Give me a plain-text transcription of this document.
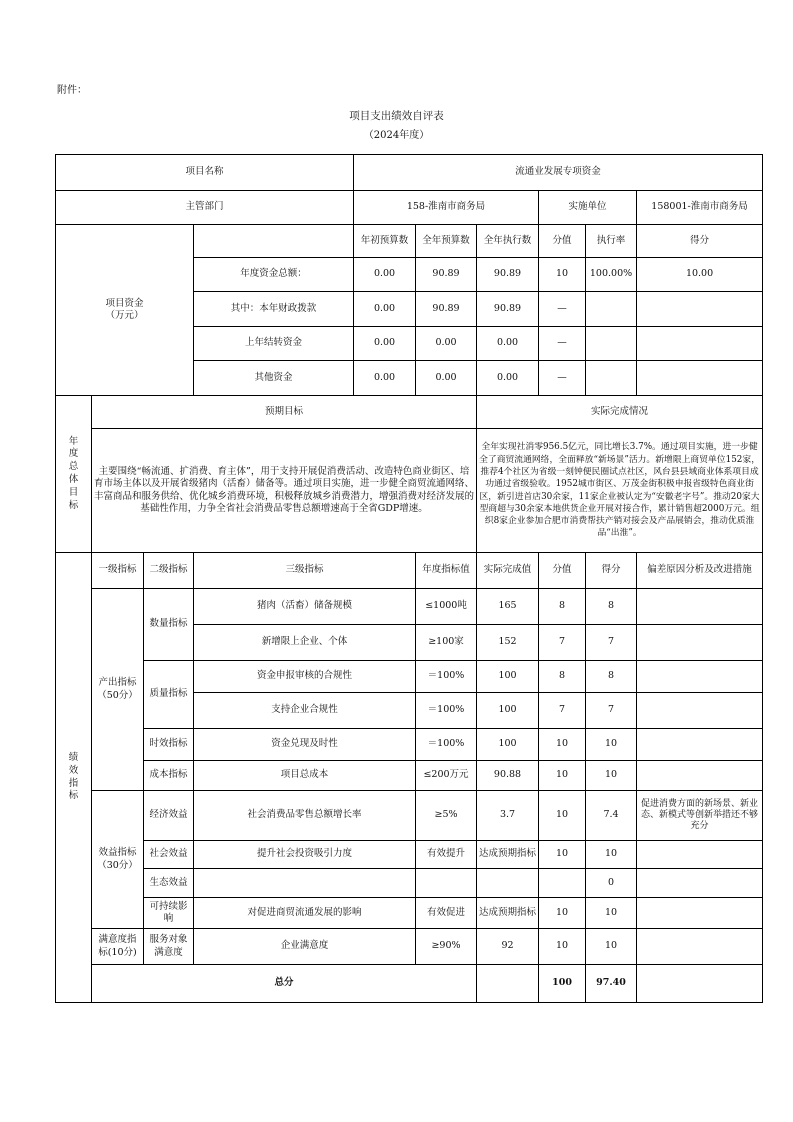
附件：
项目支出绩效自评表
（2024年度）
项目名称				流通业发展专项资金					
主管部门				158-淮南市商务局			实施单位		158001-淮南市商务局
项目资金
（万元）				年初预算数	全年预算数	全年执行数	分值	执行率	得分
			年度资金总额：	0.00	90.89	90.89	10	100.00%	10.00
			其中：本年财政拨款	0.00	90.89	90.89	—		
			上年结转资金	0.00	0.00	0.00	—		
			其他资金	0.00	0.00	0.00	—		
年度总体目标	预期目标					实际完成情况			
	主要围绕“畅流通、扩消费、育主体”，用于支持开展促消费活动、改造特色商业街区、培育市场主体以及开展省级猪肉（活畜）储备等。通过项目实施，进一步健全商贸流通网络、丰富商品和服务供给、优化城乡消费环境，积极释放城乡消费潜力，增强消费对经济发展的基础性作用，力争全省社会消费品零售总额增速高于全省GDP增速。					全年实现社消零956.5亿元，同比增长3.7%。通过项目实施，进一步健全了商贸流通网络，全面释放“新场景”活力。新增限上商贸单位152家，推荐4个社区为省级一刻钟便民圈试点社区，风台县县域商业体系项目成功通过省级验收。1952城市街区、万茂金街积极申报省级特色商业街区，新引进首店30余家，11家企业被认定为“安徽老字号”。推动20家大型商超与30余家本地供货企业开展对接合作，累计销售超2000万元。组织8家企业参加合肥市消费帮扶产销对接会及产品展销会，推动优质淮品“出淮”。			
绩效指标	一级指标	二级指标	三级指标		年度指标值	实际完成值	分值	得分	偏差原因分析及改进措施
	产出指标
（50分）	数量指标	猪肉（活畜）储备规模		≤1000吨	165	8	8	
			新增限上企业、个体		≥100家	152	7	7	
		质量指标	资金申报审核的合规性		＝100%	100	8	8	
			支持企业合规性		＝100%	100	7	7	
		时效指标	资金兑现及时性		＝100%	100	10	10	
		成本指标	项目总成本		≤200万元	90.88	10	10	
	效益指标
（30分）	经济效益	社会消费品零售总额增长率		≥5%	3.7	10	7.4	促进消费方面的新场景、新业态、新模式等创新举措还不够充分
		社会效益	提升社会投资吸引力度		有效提升	达成预期指标	10	10	
		生态效益						0	
		可持续影
响	对促进商贸流通发展的影响		有效促进	达成预期指标	10	10	
	满意度指
标(10分)	服务对象
满意度	企业满意度		≥90%	92	10	10	
	总分						100	97.40	
